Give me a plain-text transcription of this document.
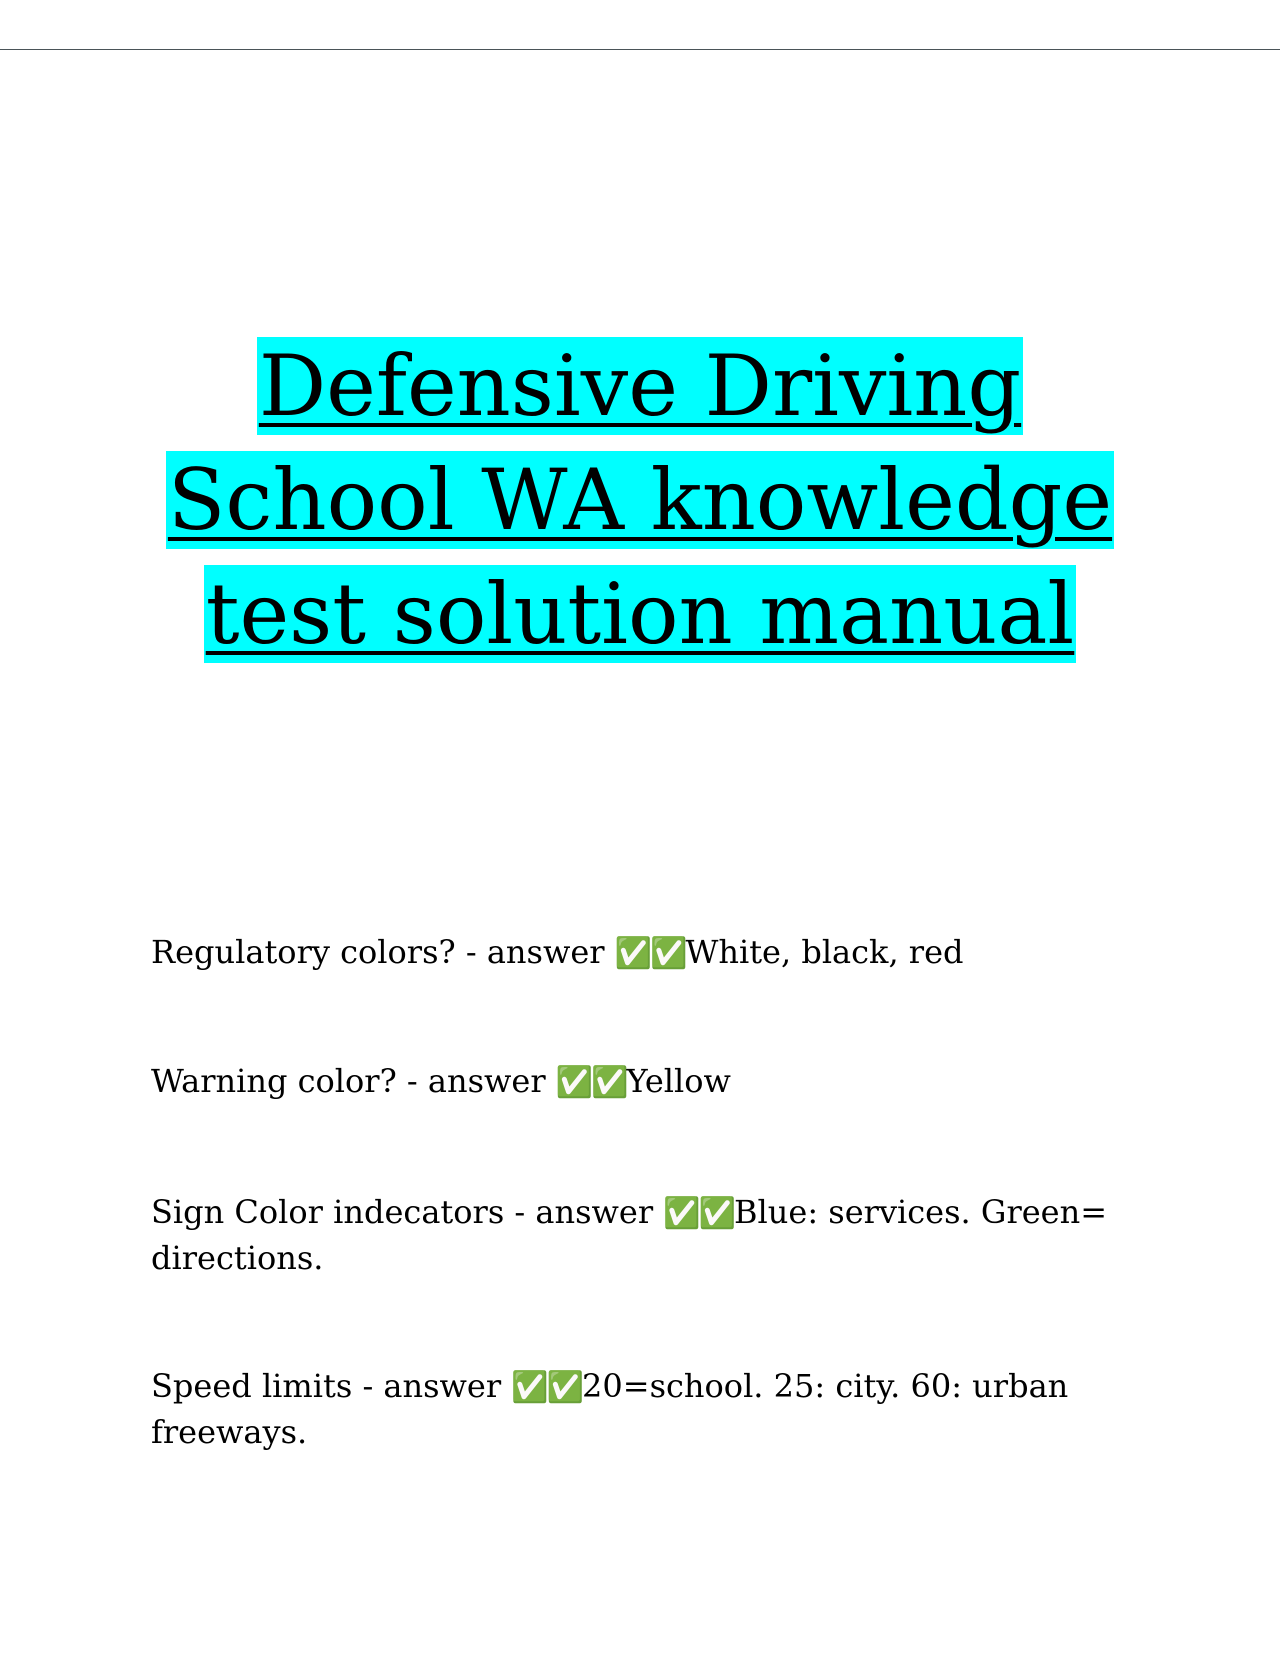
Defensive Driving
School WA knowledge
test solution manual
Regulatory colors? - answer ✅✅White, black, red
Warning color? - answer ✅✅Yellow
Sign Color indecators - answer ✅✅Blue: services. Green= directions.
Speed limits - answer ✅✅20=school. 25: city. 60: urban freeways.
